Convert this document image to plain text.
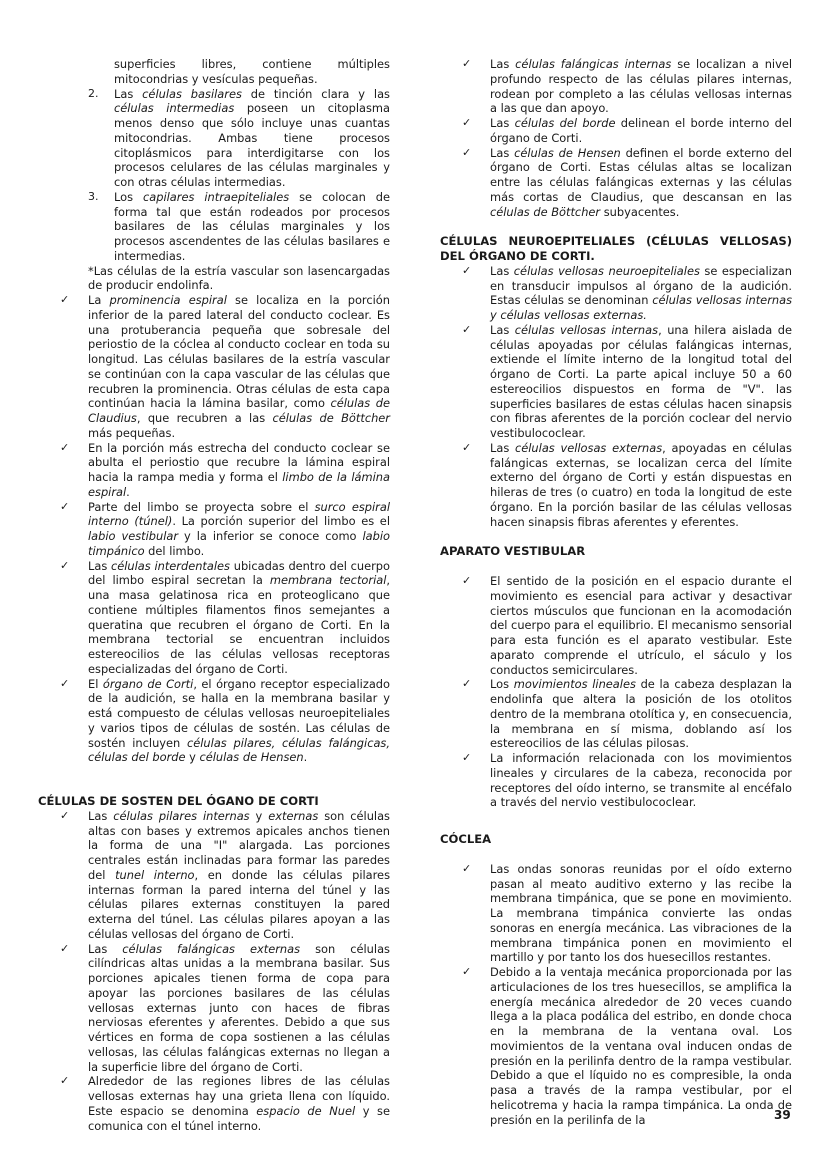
superficies libres, contiene múltiples mitocondrias y vesículas pequeñas.
2. Las células basilares de tinción clara y las células intermedias poseen un citoplasma menos denso que sólo incluye unas cuantas mitocondrias. Ambas tiene procesos citoplásmicos para interdigitarse con los procesos celulares de las células marginales y con otras células intermedias.
3. Los capilares intraepiteliales se colocan de forma tal que están rodeados por procesos basilares de las células marginales y los procesos ascendentes de las células basilares e intermedias.
*Las células de la estría vascular son lasencargadas de producir endolinfa.
✓ La prominencia espiral se localiza en la porción inferior de la pared lateral del conducto coclear. Es una protuberancia pequeña que sobresale del periostio de la cóclea al conducto coclear en toda su longitud. Las células basilares de la estría vascular se continúan con la capa vascular de las células que recubren la prominencia. Otras células de esta capa continúan hacia la lámina basilar, como células de Claudius, que recubren a las células de Böttcher más pequeñas.
✓ En la porción más estrecha del conducto coclear se abulta el periostio que recubre la lámina espiral hacia la rampa media y forma el limbo de la lámina espiral.
✓ Parte del limbo se proyecta sobre el surco espiral interno (túnel). La porción superior del limbo es el labio vestibular y la inferior se conoce como labio timpánico del limbo.
✓ Las células interdentales ubicadas dentro del cuerpo del limbo espiral secretan la membrana tectorial, una masa gelatinosa rica en proteoglicano que contiene múltiples filamentos finos semejantes a queratina que recubren el órgano de Corti. En la membrana tectorial se encuentran incluidos estereocilios de las células vellosas receptoras especializadas del órgano de Corti.
✓ El órgano de Corti, el órgano receptor especializado de la audición, se halla en la membrana basilar y está compuesto de células vellosas neuroepiteliales y varios tipos de células de sostén. Las células de sostén incluyen células pilares, células falángicas, células del borde y células de Hensen.
CÉLULAS DE SOSTEN DEL ÓGANO DE CORTI
✓ Las células pilares internas y externas son células altas con bases y extremos apicales anchos tienen la forma de una "I" alargada. Las porciones centrales están inclinadas para formar las paredes del tunel interno, en donde las células pilares internas forman la pared interna del túnel y las células pilares externas constituyen la pared externa del túnel. Las células pilares apoyan a las células vellosas del órgano de Corti.
✓ Las células falángicas externas son células cilíndricas altas unidas a la membrana basilar. Sus porciones apicales tienen forma de copa para apoyar las porciones basilares de las células vellosas externas junto con haces de fibras nerviosas eferentes y aferentes. Debido a que sus vértices en forma de copa sostienen a las células vellosas, las células falángicas externas no llegan a la superficie libre del órgano de Corti.
✓ Alrededor de las regiones libres de las células vellosas externas hay una grieta llena con líquido. Este espacio se denomina espacio de Nuel y se comunica con el túnel interno.
✓ Las células falángicas internas se localizan a nivel profundo respecto de las células pilares internas, rodean por completo a las células vellosas internas a las que dan apoyo.
✓ Las células del borde delinean el borde interno del órgano de Corti.
✓ Las células de Hensen definen el borde externo del órgano de Corti. Estas células altas se localizan entre las células falángicas externas y las células más cortas de Claudius, que descansan en las células de Böttcher subyacentes.
CÉLULAS NEUROEPITELIALES (CÉLULAS VELLOSAS) DEL ÓRGANO DE CORTI.
✓ Las células vellosas neuroepiteliales se especializan en transducir impulsos al órgano de la audición. Estas células se denominan células vellosas internas y células vellosas externas.
✓ Las células vellosas internas, una hilera aislada de células apoyadas por células falángicas internas, extiende el límite interno de la longitud total del órgano de Corti. La parte apical incluye 50 a 60 estereocilios dispuestos en forma de "V". las superficies basilares de estas células hacen sinapsis con fibras aferentes de la porción coclear del nervio vestibulococlear.
✓ Las células vellosas externas, apoyadas en células falángicas externas, se localizan cerca del límite externo del órgano de Corti y están dispuestas en hileras de tres (o cuatro) en toda la longitud de este órgano. En la porción basilar de las células vellosas hacen sinapsis fibras aferentes y eferentes.
APARATO VESTIBULAR
✓ El sentido de la posición en el espacio durante el movimiento es esencial para activar y desactivar ciertos músculos que funcionan en la acomodación del cuerpo para el equilibrio. El mecanismo sensorial para esta función es el aparato vestibular. Este aparato comprende el utrículo, el sáculo y los conductos semicirculares.
✓ Los movimientos lineales de la cabeza desplazan la endolinfa que altera la posición de los otolitos dentro de la membrana otolítica y, en consecuencia, la membrana en sí misma, doblando así los estereocilios de las células pilosas.
✓ La información relacionada con los movimientos lineales y circulares de la cabeza, reconocida por receptores del oído interno, se transmite al encéfalo a través del nervio vestibulococlear.
CÓCLEA
✓ Las ondas sonoras reunidas por el oído externo pasan al meato auditivo externo y las recibe la membrana timpánica, que se pone en movimiento. La membrana timpánica convierte las ondas sonoras en energía mecánica. Las vibraciones de la membrana timpánica ponen en movimiento el martillo y por tanto los dos huesecillos restantes.
✓ Debido a la ventaja mecánica proporcionada por las articulaciones de los tres huesecillos, se amplifica la energía mecánica alrededor de 20 veces cuando llega a la placa podálica del estribo, en donde choca en la membrana de la ventana oval. Los movimientos de la ventana oval inducen ondas de presión en la perilinfa dentro de la rampa vestibular. Debido a que el líquido no es compresible, la onda pasa a través de la rampa vestibular, por el helicotrema y hacia la rampa timpánica. La onda de presión en la perilinfa de la	39
